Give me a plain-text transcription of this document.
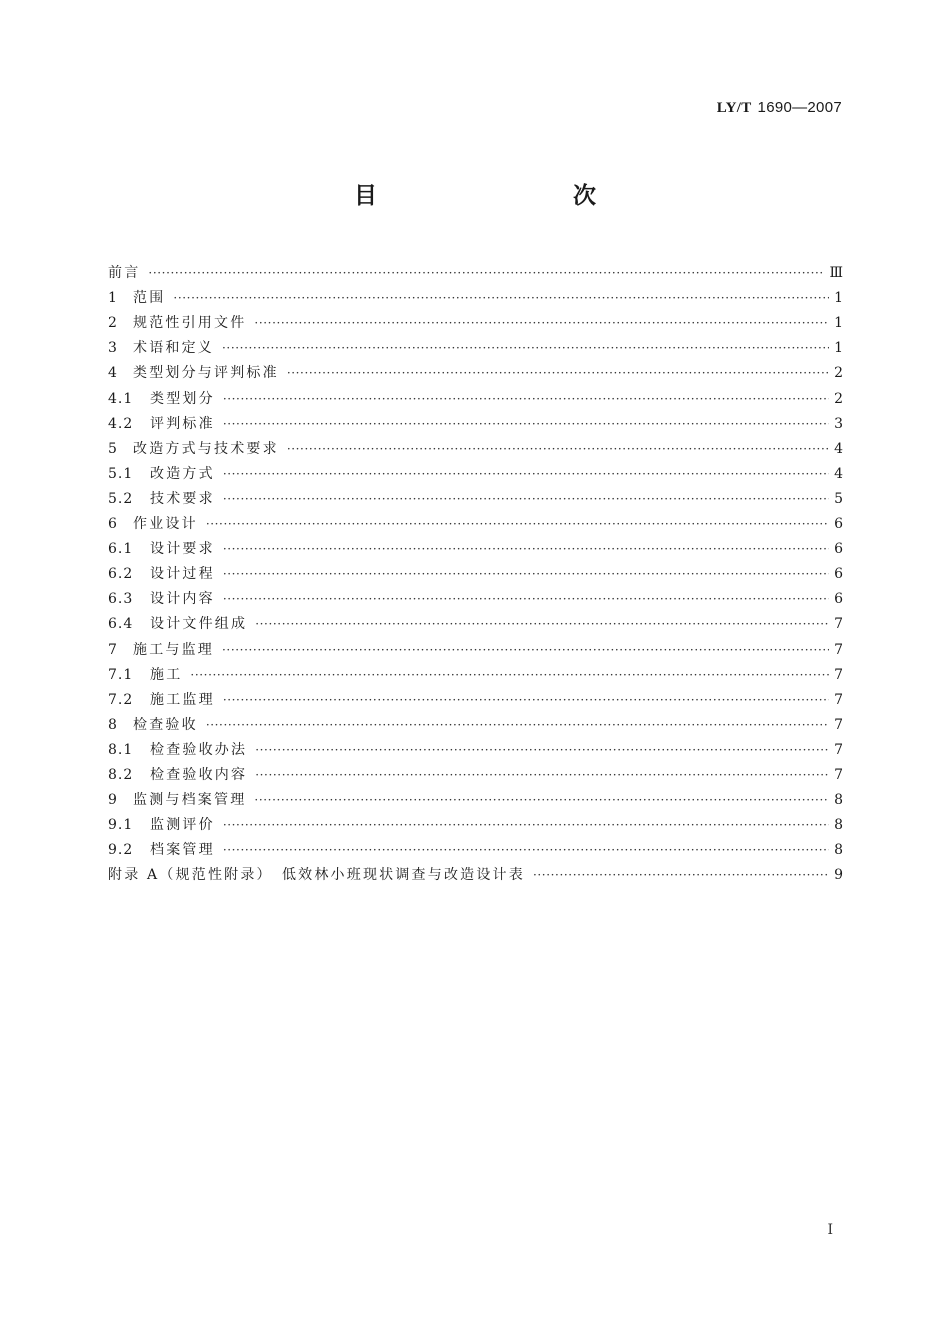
LY/T 1690—2007
目　　次
前言 ·····	Ⅲ
1	范围 ·····	1
2	规范性引用文件 ·····	1
3	术语和定义 ·····	1
4	类型划分与评判标准 ·····	2
4.1	类型划分 ·····	2
4.2	评判标准 ·····	3
5	改造方式与技术要求 ·····	4
5.1	改造方式 ·····	4
5.2	技术要求 ·····	5
6	作业设计 ·····	6
6.1	设计要求 ·····	6
6.2	设计过程 ·····	6
6.3	设计内容 ·····	6
6.4	设计文件组成 ·····	7
7	施工与监理 ·····	7
7.1	施工 ·····	7
7.2	施工监理 ·····	7
8	检查验收 ·····	7
8.1	检查验收办法 ·····	7
8.2	检查验收内容 ·····	7
9	监测与档案管理 ·····	8
9.1	监测评价 ·····	8
9.2	档案管理 ·····	8
附录 A（规范性附录）　低效林小班现状调查与改造设计表 ·····	9
I
